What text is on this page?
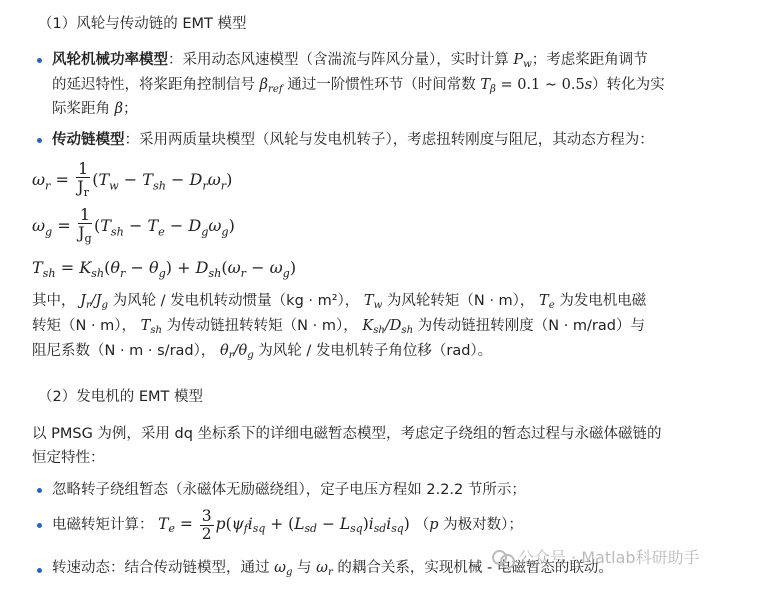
（1）风轮与传动链的 EMT 模型
风轮机械功率模型：采用动态风速模型（含湍流与阵风分量），实时计算 $P_w$；考虑桨距角调节
的延迟特性，将桨距角控制信号 $\beta_{ref}$ 通过一阶惯性环节（时间常数 $T_\beta = 0.1$ ∼ 0.5s）转化为实
际桨距角 β；
传动链模型：采用两质量块模型（风轮与发电机转子），考虑扭转刚度与阻尼，其动态方程为：
$\omega_r = \frac{1}{J_r} (T_w - T_{sh} - D_r\omega_r)$
$\omega_g = \frac{1}{J_g} (T_{sh} - T_e - D_g\omega_g)$
$T_{sh} = K_{sh}(\theta_r - \theta_g) + D_{sh}(\omega_r - \omega_g)$
其中， $J_r/J_g$ 为风轮 / 发电机转动惯量（kg · m²）， $T_w$ 为风轮转矩（N · m）， $T_e$ 为发电机电磁
转矩（N · m）， $T_{sh}$ 为传动链扭转转矩（N · m）， $K_{sh}/D_{sh}$ 为传动链扭转刚度（N · m/rad）与
阻尼系数（N · m · s/rad）， $\theta_r/\theta_g$ 为风轮 / 发电机转子角位移（rad）。
（2）发电机的 EMT 模型
以 PMSG 为例，采用 dq 坐标系下的详细电磁暂态模型，考虑定子绕组的暂态过程与永磁体磁链的
恒定特性：
忽略转子绕组暂态（永磁体无励磁绕组），定子电压方程如 2.2.2 节所示；
电磁转矩计算： $T_e = \frac{3}{2} p(\psi_fi_{sq} + (L_{sd} - L_{sq})i_{sd}i_{sq})$ （p 为极对数）；
转速动态：结合传动链模型，通过 $\omega_g$ 与 $\omega_r$ 的耦合关系，实现机械 - 电磁暂态的联动。
公众号 · Matlab科研助手
